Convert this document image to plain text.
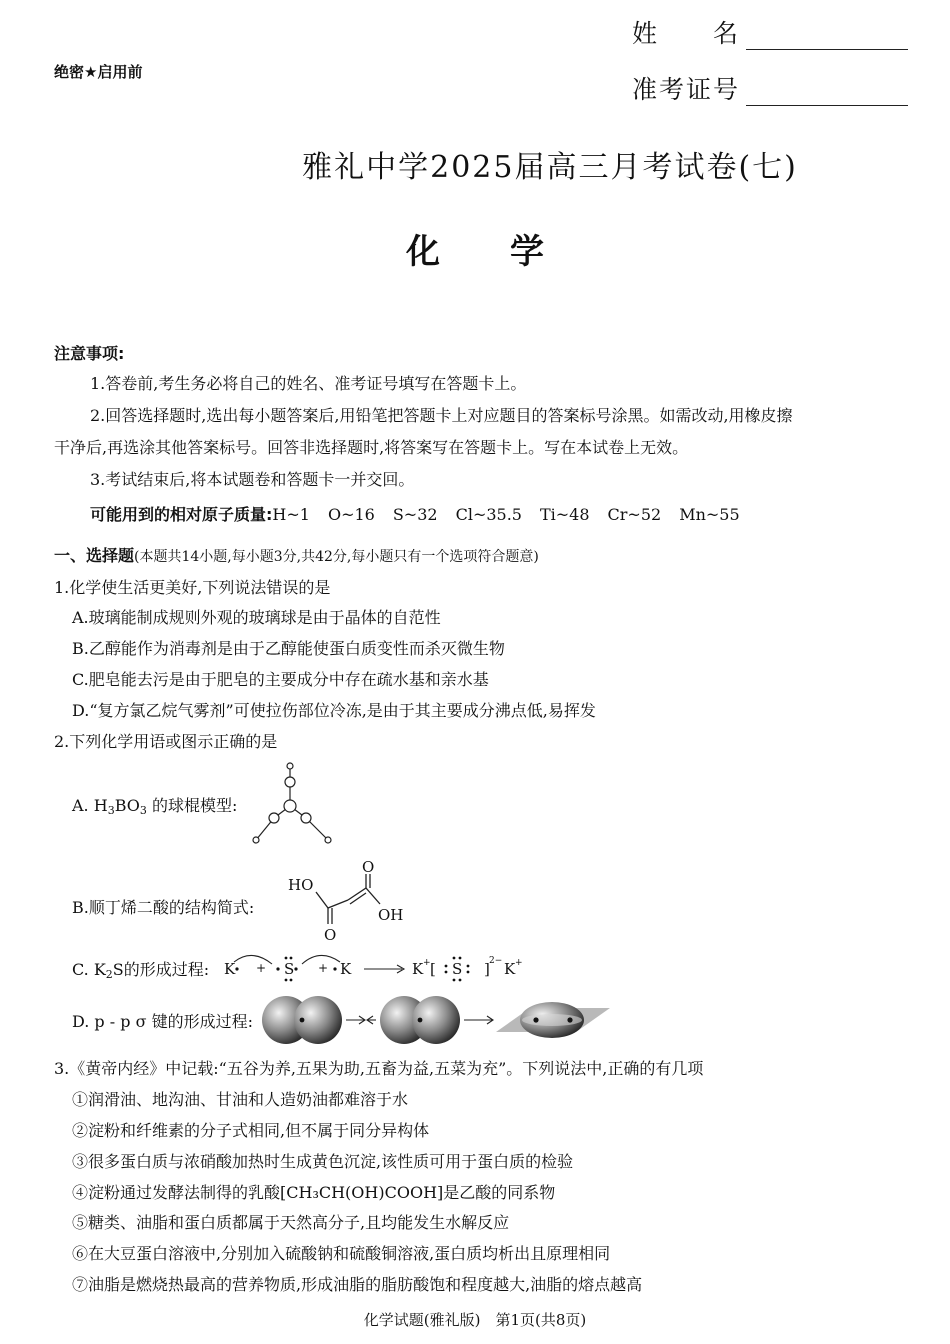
姓　　名
准考证号
绝密★启用前
雅礼中学2025届高三月考试卷(七)
化学
注意事项:
1.答卷前,考生务必将自己的姓名、准考证号填写在答题卡上。
2.回答选择题时,选出每小题答案后,用铅笔把答题卡上对应题目的答案标号涂黑。如需改动,用橡皮擦
干净后,再选涂其他答案标号。回答非选择题时,将答案写在答题卡上。写在本试卷上无效。
3.考试结束后,将本试题卷和答题卡一并交回。
可能用到的相对原子质量:H~1 O~16 S~32 Cl~35.5 Ti~48 Cr~52 Mn~55
一、选择题(本题共14小题,每小题3分,共42分,每小题只有一个选项符合题意)
1.化学使生活更美好,下列说法错误的是
A.玻璃能制成规则外观的玻璃球是由于晶体的自范性
B.乙醇能作为消毒剂是由于乙醇能使蛋白质变性而杀灭微生物
C.肥皂能去污是由于肥皂的主要成分中存在疏水基和亲水基
D.“复方氯乙烷气雾剂”可使拉伤部位冷冻,是由于其主要成分沸点低,易挥发
2.下列化学用语或图示正确的是
A. $H_3BO_3$ 的球棍模型:
B.顺丁烯二酸的结构简式:
HO
O
O
OH
C. $K_2S$的形成过程: K + S + K	K + [ S ] 2− K +
D. p - p σ 键的形成过程:
3.《黄帝内经》中记载:“五谷为养,五果为助,五畜为益,五菜为充”。下列说法中,正确的有几项
①润滑油、地沟油、甘油和人造奶油都难溶于水
②淀粉和纤维素的分子式相同,但不属于同分异构体
③很多蛋白质与浓硝酸加热时生成黄色沉淀,该性质可用于蛋白质的检验
④淀粉通过发酵法制得的乳酸[CH₃CH(OH)COOH]是乙酸的同系物
⑤糖类、油脂和蛋白质都属于天然高分子,且均能发生水解反应
⑥在大豆蛋白溶液中,分别加入硫酸钠和硫酸铜溶液,蛋白质均析出且原理相同
⑦油脂是燃烧热最高的营养物质,形成油脂的脂肪酸饱和程度越大,油脂的熔点越高
化学试题(雅礼版)　第1页(共8页)
